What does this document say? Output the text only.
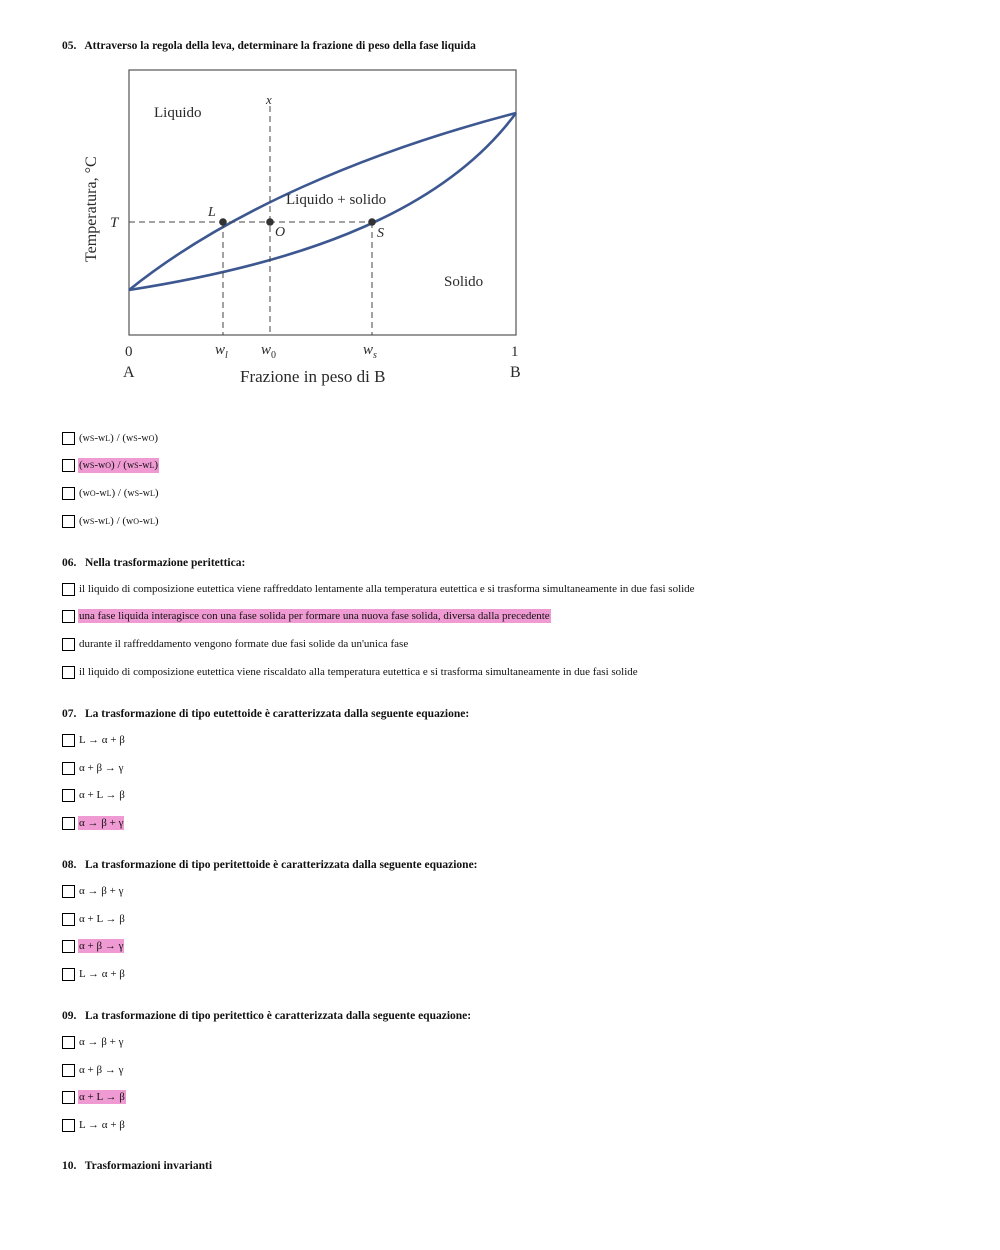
05. Attraverso la regola della leva, determinare la frazione di peso della fase liquida
Liquido
Liquido + solido
Solido
x
T
L
O	S
Temperatura, °C
0	1
$w_l$ $w_0$	$w_s$
A	Frazione in peso di B	B
06. Nella trasformazione peritettica:
07. La trasformazione di tipo eutettoide è caratterizzata dalla seguente equazione:
08. La trasformazione di tipo peritettoide è caratterizzata dalla seguente equazione:
09. La trasformazione di tipo peritettico è caratterizzata dalla seguente equazione:
10. Trasformazioni invarianti
(wS-wL) / (wS-wO)
(wS-wO) / (wS-wL)
(wO-wL) / (wS-wL)
(wS-wL) / (wO-wL)
il liquido di composizione eutettica viene raffreddato lentamente alla temperatura eutettica e si trasforma simultaneamente in due fasi solide
una fase liquida interagisce con una fase solida per formare una nuova fase solida, diversa dalla precedente
durante il raffreddamento vengono formate due fasi solide da un'unica fase
il liquido di composizione eutettica viene riscaldato alla temperatura eutettica e si trasforma simultaneamente in due fasi solide
L → α + β
α + β → γ
α + L → β
α → β + γ
α → β + γ
α + L → β
α + β → γ
L → α + β
α → β + γ
α + β → γ
α + L → β
L → α + β
